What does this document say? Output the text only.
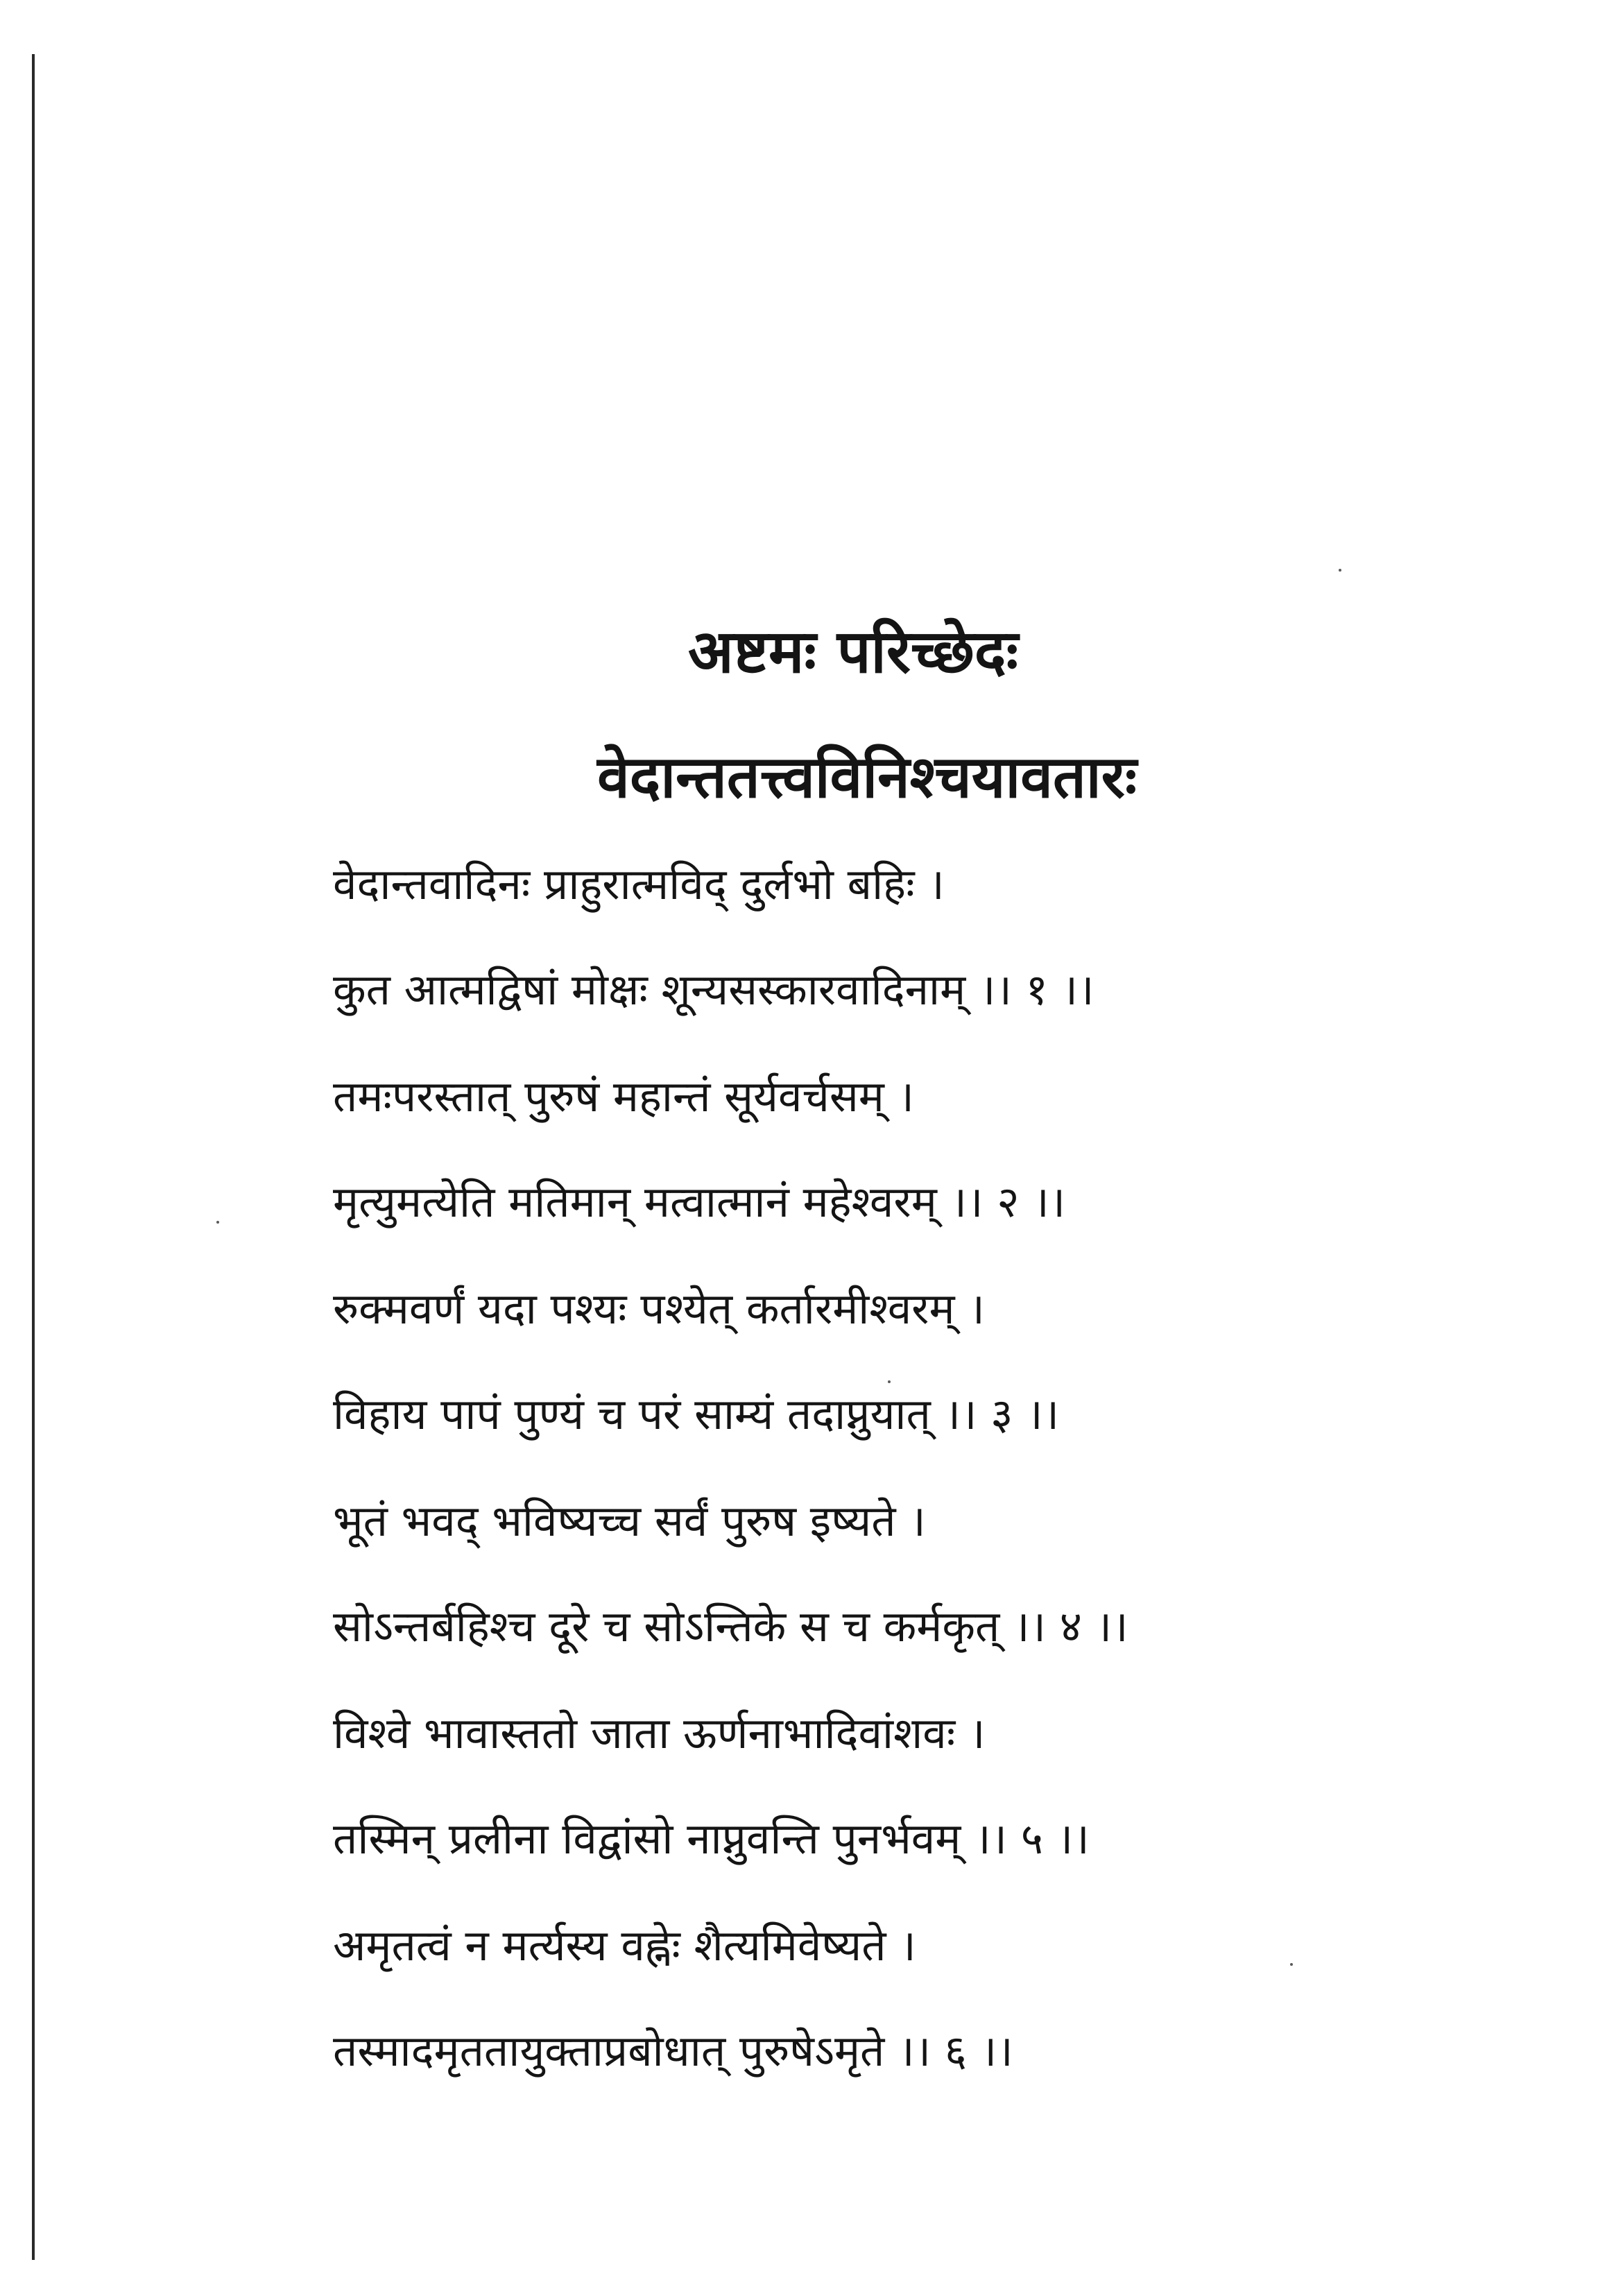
अष्टमः परिच्छेदः
वेदान्ततत्त्वविनिश्चयावतारः
वेदान्तवादिनः प्राहुरात्मविद् दुर्लभो बहिः ।
कुत आत्मद्विषां मोक्षः शून्यसस्कारवादिनाम् ।। १ ।।
तमःपरस्तात् पुरुषं महान्तं सूर्यवर्चसम् ।
मृत्युमत्येति मतिमान् मत्वात्मानं महेश्वरम् ।। २ ।।
रुक्मवर्णं यदा पश्यः पश्येत् कर्तारमीश्वरम् ।
विहाय पापं पुण्यं च परं साम्यं तदाप्नुयात् ।। ३ ।।
भूतं भवद् भविष्यच्च सर्वं पुरुष इष्यते ।
सोऽन्तर्बहिश्च दूरे च सोऽन्तिके स च कर्मकृत् ।। ४ ।।
विश्वे भावास्ततो जाता ऊर्णनाभादिवांशवः ।
तस्मिन् प्रलीना विद्वांसो नाप्नुवन्ति पुनर्भवम् ।। ५ ।।
अमृतत्वं न मर्त्यस्य वह्नेः शैत्यमिवेष्यते ।
तस्मादमृततायुक्ताप्रबोधात् पुरुषेऽमृते ।। ६ ।।
